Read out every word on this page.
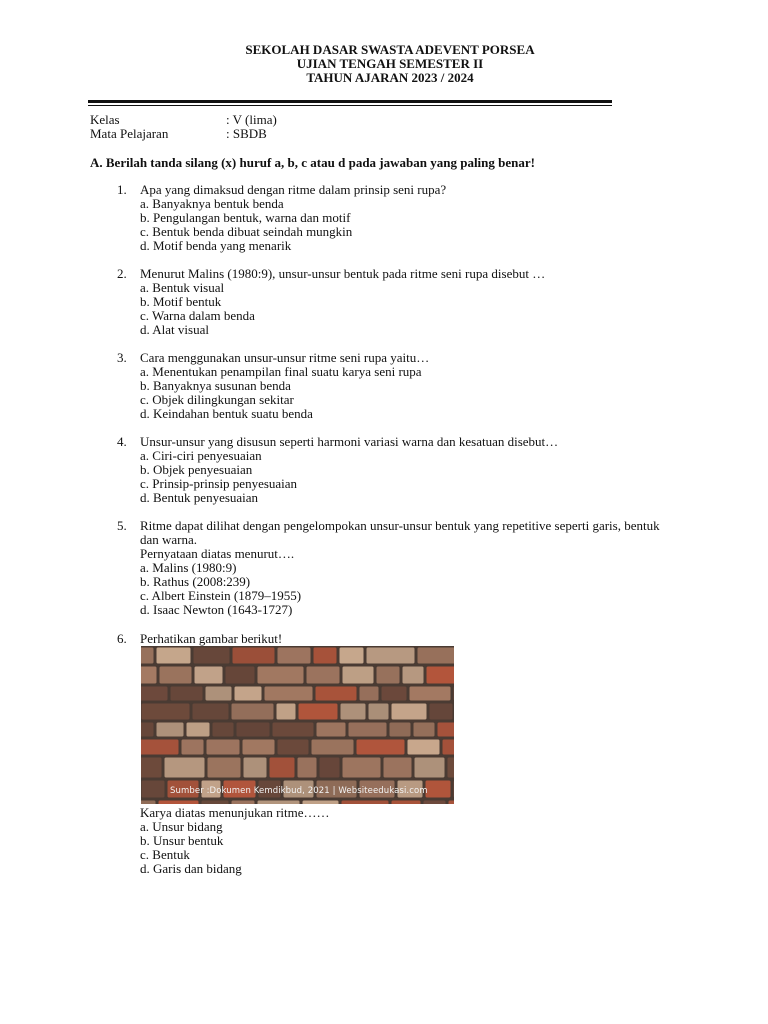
SEKOLAH DASAR SWASTA ADEVENT PORSEA
UJIAN TENGAH SEMESTER II
TAHUN AJARAN 2023 / 2024
Kelas	: V (lima)
Mata Pelajaran	: SBDB
A. Berilah tanda silang (x) huruf a, b, c atau d pada jawaban yang paling benar!
1. Apa yang dimaksud dengan ritme dalam prinsip seni rupa?
a. Banyaknya bentuk benda
b. Pengulangan bentuk, warna dan motif
c. Bentuk benda dibuat seindah mungkin
d. Motif benda yang menarik
2. Menurut Malins (1980:9), unsur-unsur bentuk pada ritme seni rupa disebut …
a. Bentuk visual
b. Motif bentuk
c. Warna dalam benda
d. Alat visual
3. Cara menggunakan unsur-unsur ritme seni rupa yaitu…
a. Menentukan penampilan final suatu karya seni rupa
b. Banyaknya susunan benda
c. Objek dilingkungan sekitar
d. Keindahan bentuk suatu benda
4. Unsur-unsur yang disusun seperti harmoni variasi warna dan kesatuan disebut…
a. Ciri-ciri penyesuaian
b. Objek penyesuaian
c. Prinsip-prinsip penyesuaian
d. Bentuk penyesuaian
5. Ritme dapat dilihat dengan pengelompokan unsur-unsur bentuk yang repetitive seperti garis, bentuk dan warna.
Pernyataan diatas menurut….
a. Malins (1980:9)
b. Rathus (2008:239)
c. Albert Einstein (1879–1955)
d. Isaac Newton (1643-1727)
6. Perhatikan gambar berikut!
Sumber :Dokumen Kemdikbud, 2021 | Websiteedukasi.com
Karya diatas menunjukan ritme……
a. Unsur bidang
b. Unsur bentuk
c. Bentuk
d. Garis dan bidang
